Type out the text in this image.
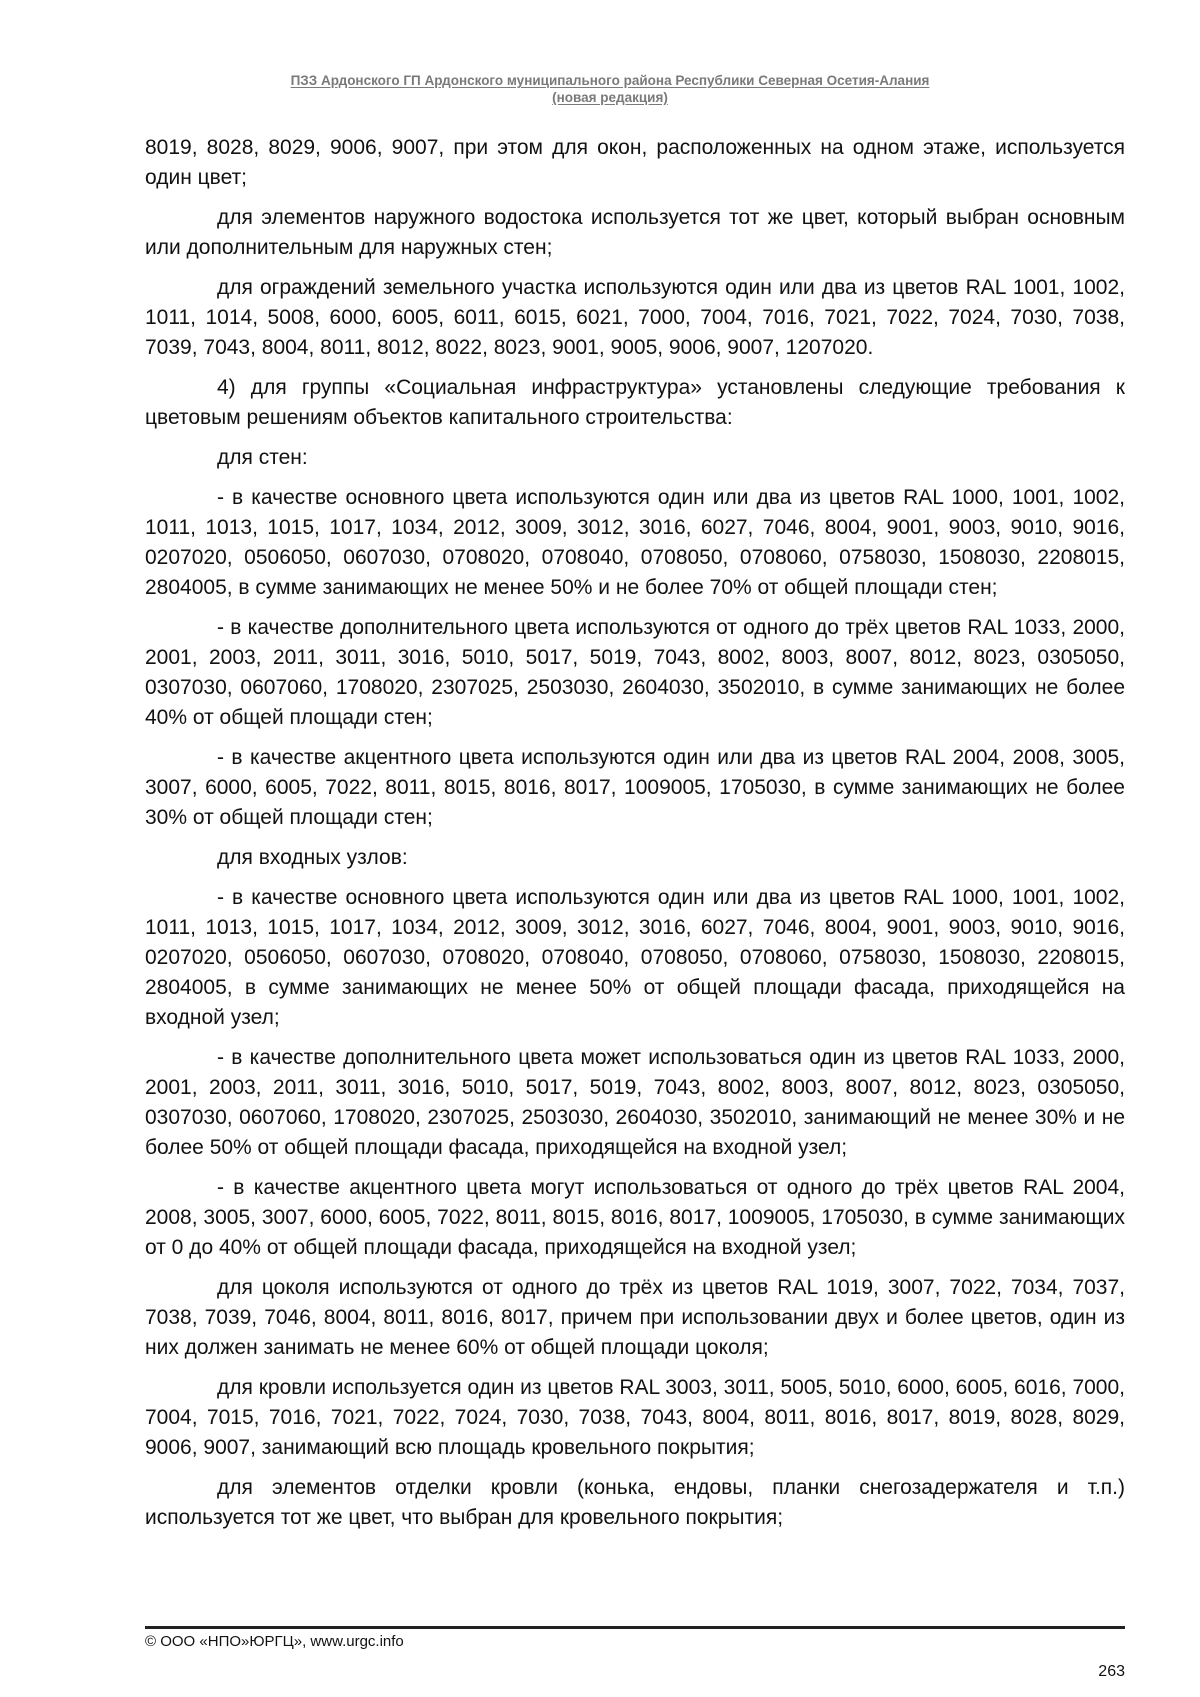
ПЗЗ Ардонского ГП Ардонского муниципального района Республики Северная Осетия-Алания
(новая редакция)

8019, 8028, 8029, 9006, 9007, при этом для окон, расположенных на одном этаже, используется один цвет;

для элементов наружного водостока используется тот же цвет, который выбран основным или дополнительным для наружных стен;

для ограждений земельного участка используются один или два из цветов RAL 1001, 1002, 1011, 1014, 5008, 6000, 6005, 6011, 6015, 6021, 7000, 7004, 7016, 7021, 7022, 7024, 7030, 7038, 7039, 7043, 8004, 8011, 8012, 8022, 8023, 9001, 9005, 9006, 9007, 1207020.

4) для группы «Социальная инфраструктура» установлены следующие требования к цветовым решениям объектов капитального строительства:

для стен:

- в качестве основного цвета используются один или два из цветов RAL 1000, 1001, 1002, 1011, 1013, 1015, 1017, 1034, 2012, 3009, 3012, 3016, 6027, 7046, 8004, 9001, 9003, 9010, 9016, 0207020, 0506050, 0607030, 0708020, 0708040, 0708050, 0708060, 0758030, 1508030, 2208015, 2804005, в сумме занимающих не менее 50% и не более 70% от общей площади стен;

- в качестве дополнительного цвета используются от одного до трёх цветов RAL 1033, 2000, 2001, 2003, 2011, 3011, 3016, 5010, 5017, 5019, 7043, 8002, 8003, 8007, 8012, 8023, 0305050, 0307030, 0607060, 1708020, 2307025, 2503030, 2604030, 3502010, в сумме занимающих не более 40% от общей площади стен;

- в качестве акцентного цвета используются один или два из цветов RAL 2004, 2008, 3005, 3007, 6000, 6005, 7022, 8011, 8015, 8016, 8017, 1009005, 1705030, в сумме занимающих не более 30% от общей площади стен;

для входных узлов:

- в качестве основного цвета используются один или два из цветов RAL 1000, 1001, 1002, 1011, 1013, 1015, 1017, 1034, 2012, 3009, 3012, 3016, 6027, 7046, 8004, 9001, 9003, 9010, 9016, 0207020, 0506050, 0607030, 0708020, 0708040, 0708050, 0708060, 0758030, 1508030, 2208015, 2804005, в сумме занимающих не менее 50% от общей площади фасада, приходящейся на входной узел;

- в качестве дополнительного цвета может использоваться один из цветов RAL 1033, 2000, 2001, 2003, 2011, 3011, 3016, 5010, 5017, 5019, 7043, 8002, 8003, 8007, 8012, 8023, 0305050, 0307030, 0607060, 1708020, 2307025, 2503030, 2604030, 3502010, занимающий не менее 30% и не более 50% от общей площади фасада, приходящейся на входной узел;

- в качестве акцентного цвета могут использоваться от одного до трёх цветов RAL 2004, 2008, 3005, 3007, 6000, 6005, 7022, 8011, 8015, 8016, 8017, 1009005, 1705030, в сумме занимающих от 0 до 40% от общей площади фасада, приходящейся на входной узел;

для цоколя используются от одного до трёх из цветов RAL 1019, 3007, 7022, 7034, 7037, 7038, 7039, 7046, 8004, 8011, 8016, 8017, причем при использовании двух и более цветов, один из них должен занимать не менее 60% от общей площади цоколя;

для кровли используется один из цветов RAL 3003, 3011, 5005, 5010, 6000, 6005, 6016, 7000, 7004, 7015, 7016, 7021, 7022, 7024, 7030, 7038, 7043, 8004, 8011, 8016, 8017, 8019, 8028, 8029, 9006, 9007, занимающий всю площадь кровельного покрытия;

для элементов отделки кровли (конька, ендовы, планки снегозадержателя и т.п.) используется тот же цвет, что выбран для кровельного покрытия;

© ООО «НПО»ЮРГЦ», www.urgc.info
263
